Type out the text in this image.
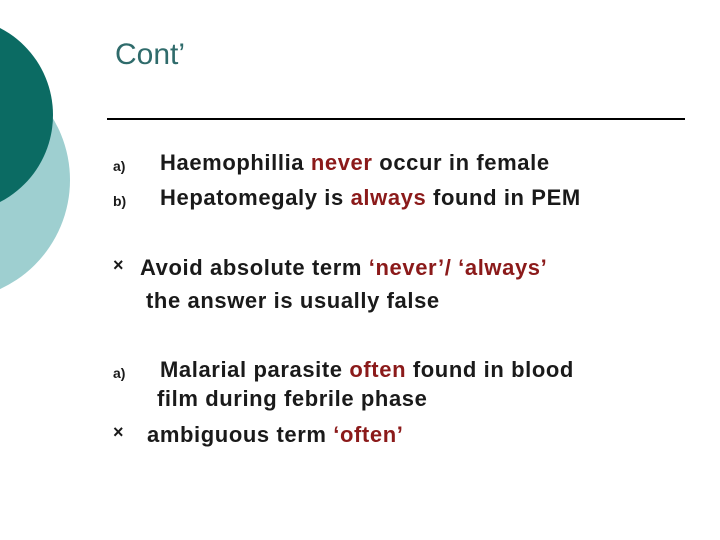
Cont’
a) Haemophillia never occur in female
b) Hepatomegaly is always found in PEM
× Avoid absolute term ‘never’/ ‘always’
the answer is usually false
a) Malarial parasite often found in blood
film during febrile phase
× ambiguous term ‘often’
